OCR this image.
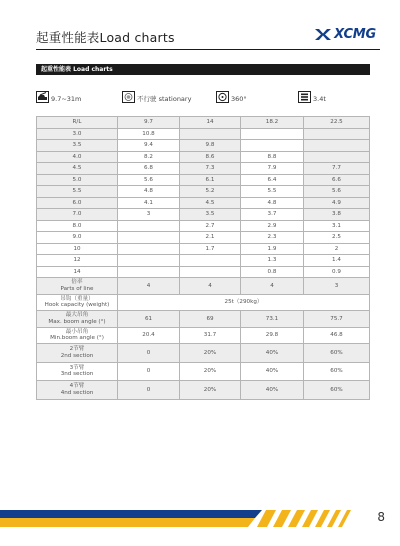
起重性能表Load charts	XCMG
起重性能表 Load charts
9.7~31m	不行驶 stationary	360°	3.4t
R/L	9.7	14	18.2	22.5
3.0	10.8			
3.5	9.4	9.8		
4.0	8.2	8.6	8.8	
4.5	6.8	7.3	7.9	7.7
5.0	5.6	6.1	6.4	6.6
5.5	4.8	5.2	5.5	5.6
6.0	4.1	4.5	4.8	4.9
7.0	3	3.5	3.7	3.8
8.0		2.7	2.9	3.1
9.0		2.1	2.3	2.5
10		1.7	1.9	2
12			1.3	1.4
14			0.8	0.9

倍率
Parts of line	4	4	4	3

吊钩（重量）
Hook capacity (weight)	25t（290kg）			

最大吊角
Max. boom angle (°)	61	69	73.1	75.7

最小吊角
Min.boom angle (°)	20.4	31.7	29.8	46.8

2节臂
2nd section	0	20%	40%	60%

3节臂
3nd section	0	20%	40%	60%

4节臂
4nd section	0	20%	40%	60%
8
